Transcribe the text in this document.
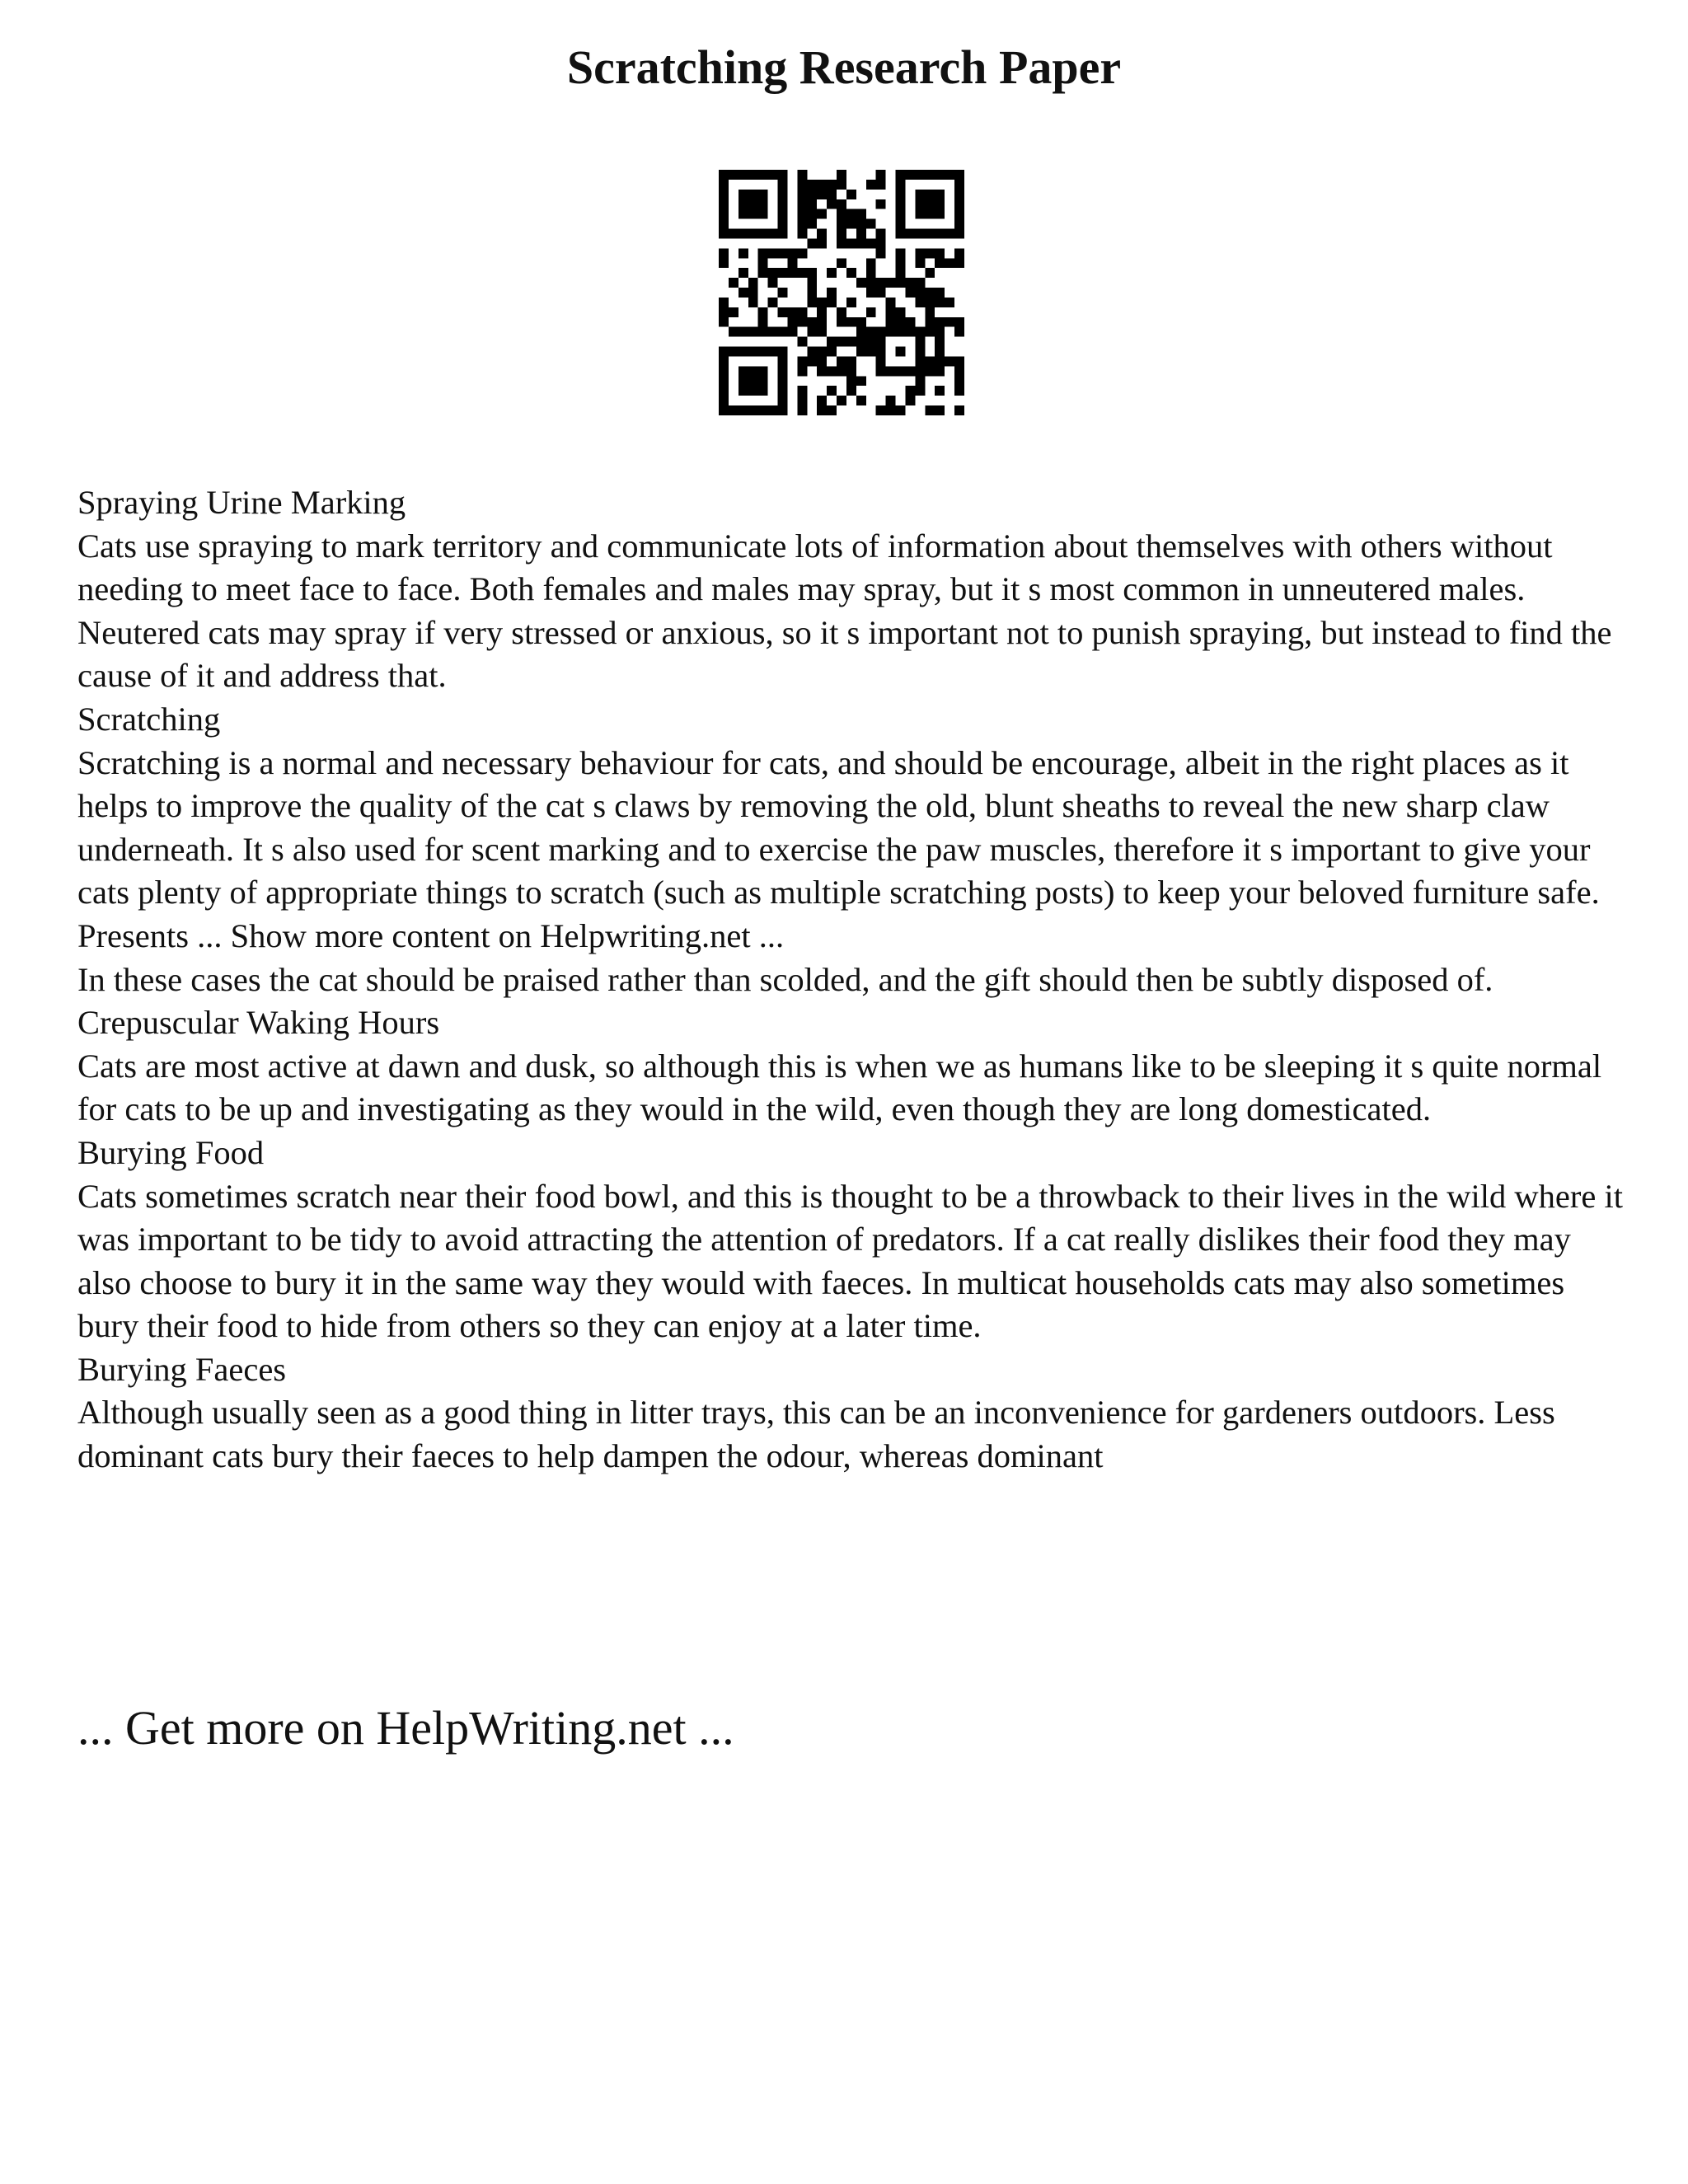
Scratching Research Paper

Spraying Urine Marking

Cats use spraying to mark territory and communicate lots of information about themselves with others without needing to meet face to face. Both females and males may spray, but it s most common in unneutered males. Neutered cats may spray if very stressed or anxious, so it s important not to punish spraying, but instead to find the cause of it and address that.

Scratching

Scratching is a normal and necessary behaviour for cats, and should be encourage, albeit in the right places as it helps to improve the quality of the cat s claws by removing the old, blunt sheaths to reveal the new sharp claw underneath. It s also used for scent marking and to exercise the paw muscles, therefore it s important to give your cats plenty of appropriate things to scratch (such as multiple scratching posts) to keep your beloved furniture safe.

Presents ... Show more content on Helpwriting.net ...

In these cases the cat should be praised rather than scolded, and the gift should then be subtly disposed of.

Crepuscular Waking Hours

Cats are most active at dawn and dusk, so although this is when we as humans like to be sleeping it s quite normal for cats to be up and investigating as they would in the wild, even though they are long domesticated.

Burying Food

Cats sometimes scratch near their food bowl, and this is thought to be a throwback to their lives in the wild where it was important to be tidy to avoid attracting the attention of predators. If a cat really dislikes their food they may also choose to bury it in the same way they would with faeces. In multicat households cats may also sometimes bury their food to hide from others so they can enjoy at a later time.

Burying Faeces

Although usually seen as a good thing in litter trays, this can be an inconvenience for gardeners outdoors. Less dominant cats bury their faeces to help dampen the odour, whereas dominant

... Get more on HelpWriting.net ...
